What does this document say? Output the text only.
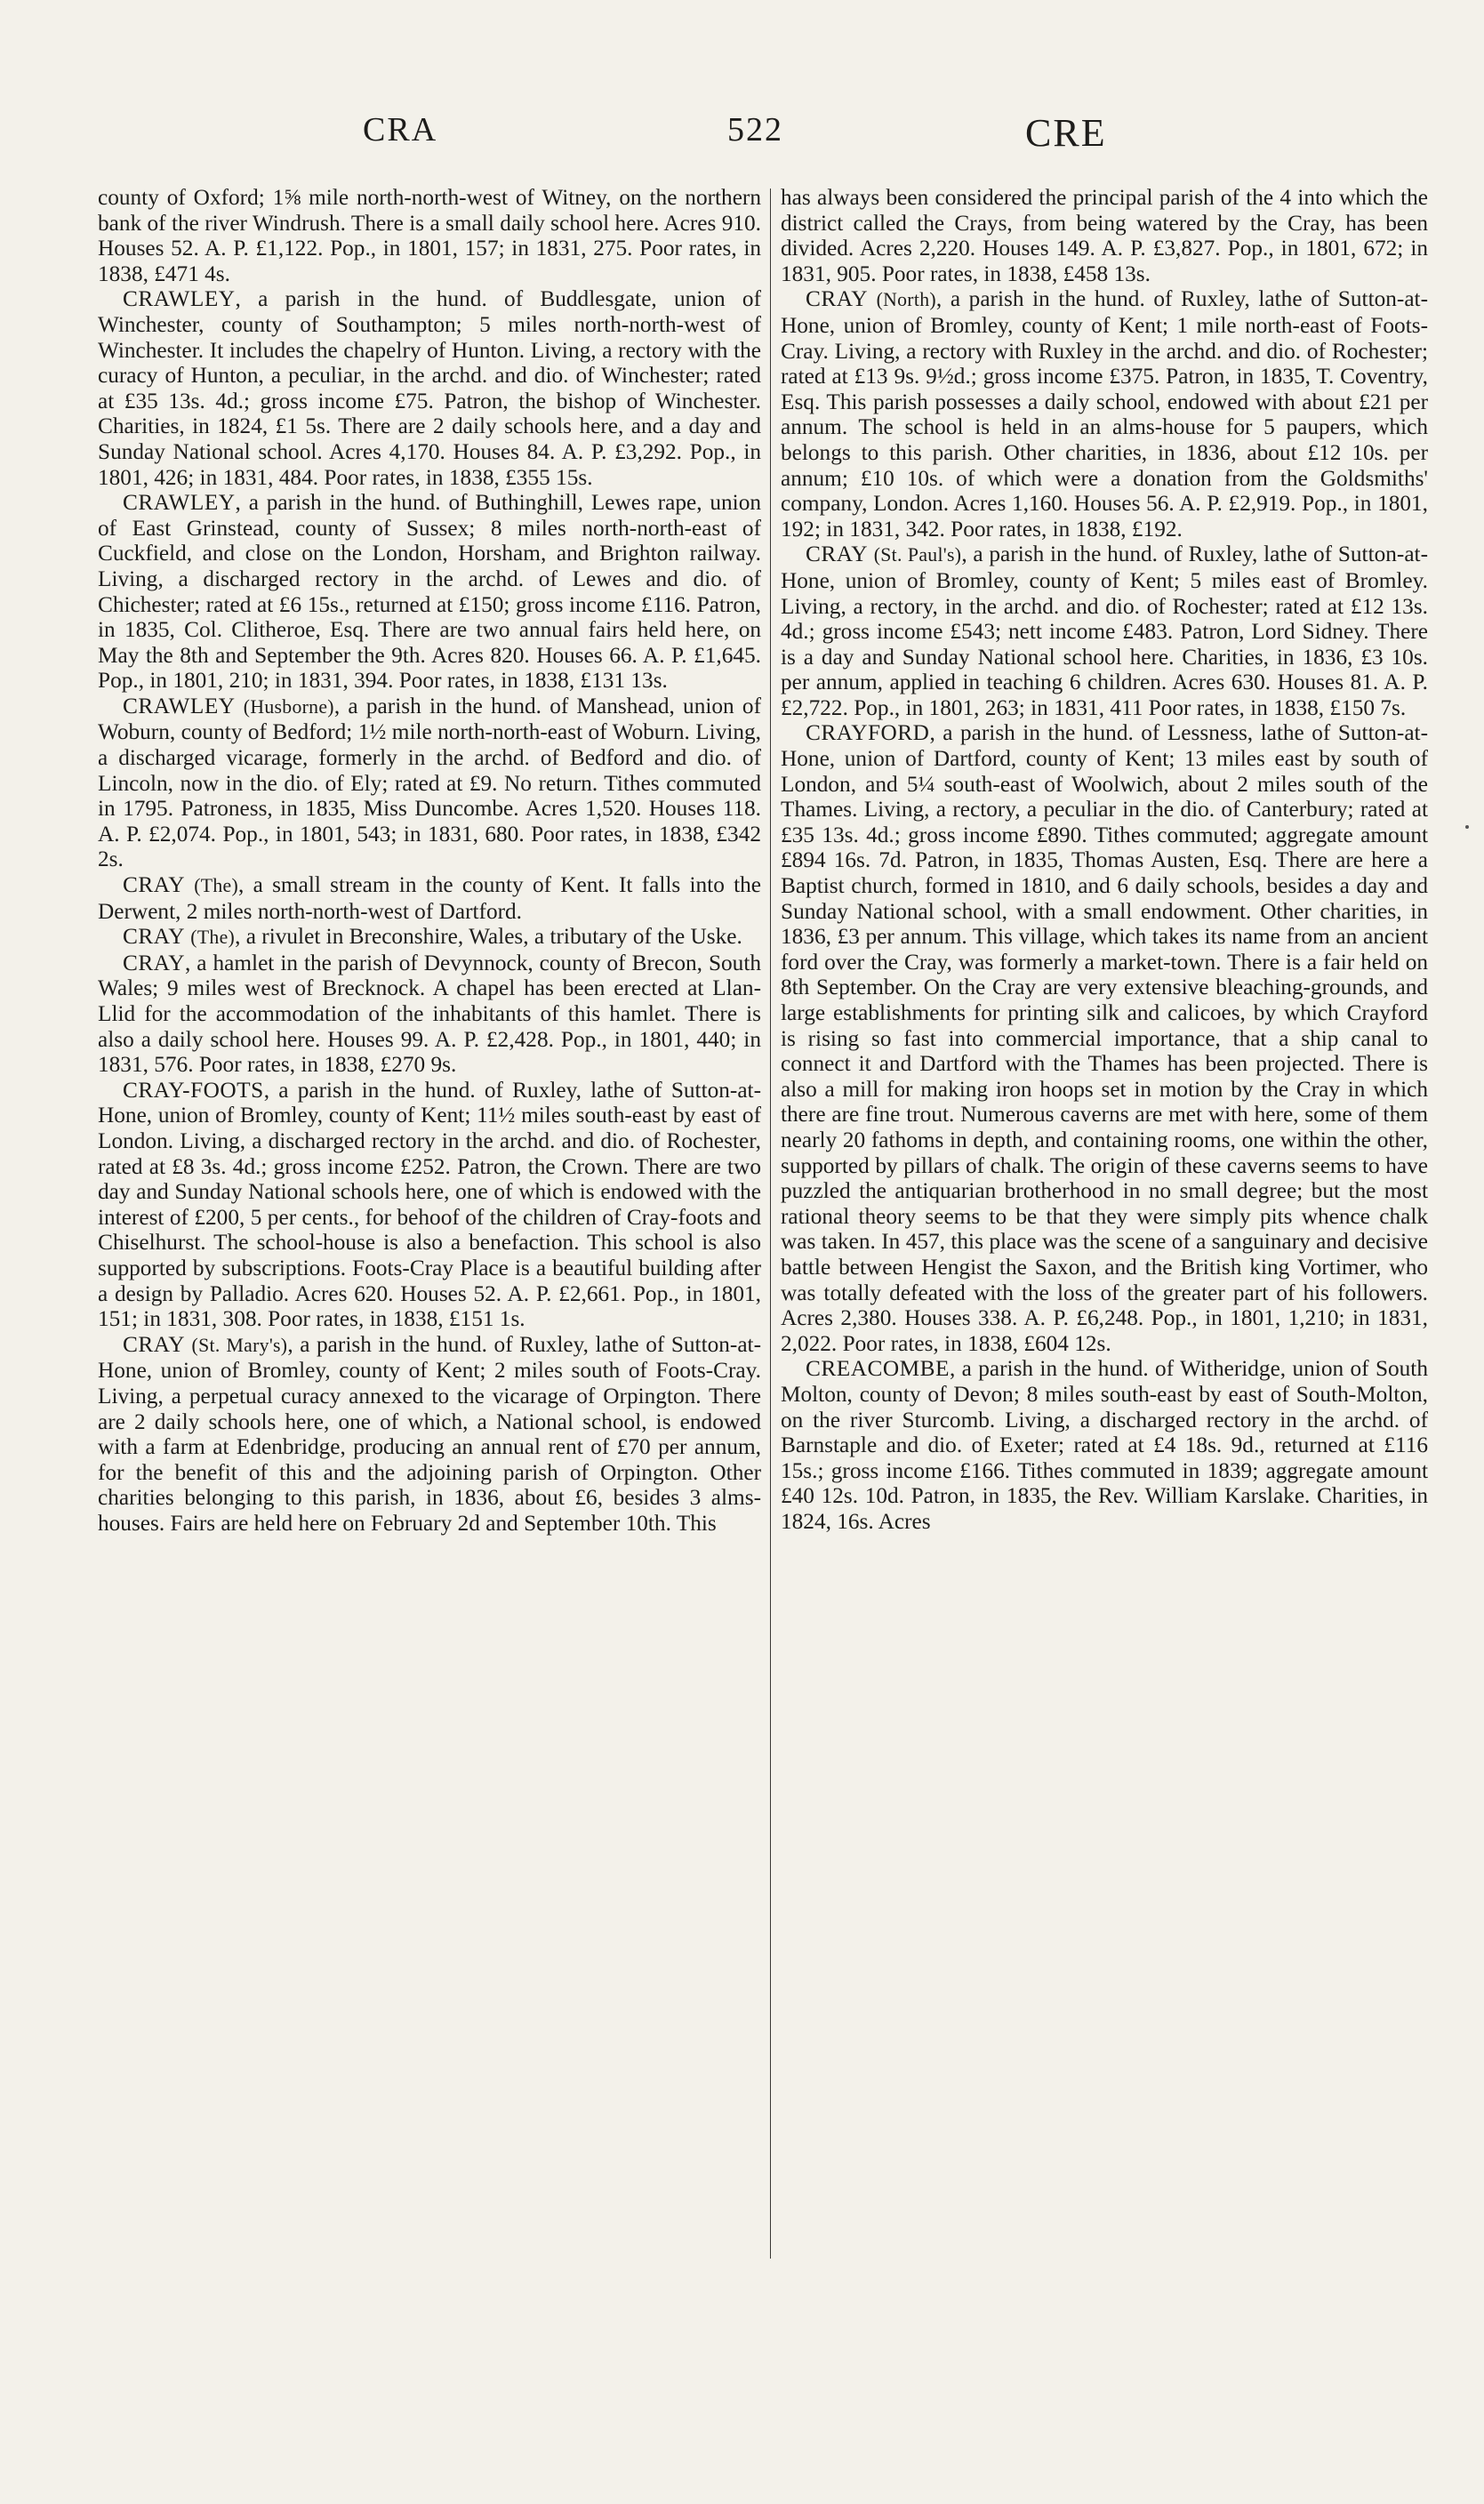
CRA	522	CRE

county of Oxford; 1⅝ mile north-north-west of Witney, on the northern bank of the river Windrush. There is a small daily school here. Acres 910. Houses 52. A. P. £1,122. Pop., in 1801, 157; in 1831, 275. Poor rates, in 1838, £471 4s.

CRAWLEY, a parish in the hund. of Buddlesgate, union of Winchester, county of Southampton; 5 miles north-north-west of Winchester. It includes the chapelry of Hunton. Living, a rectory with the curacy of Hunton, a peculiar, in the archd. and dio. of Winchester; rated at £35 13s. 4d.; gross income £75. Patron, the bishop of Winchester. Charities, in 1824, £1 5s. There are 2 daily schools here, and a day and Sunday National school. Acres 4,170. Houses 84. A. P. £3,292. Pop., in 1801, 426; in 1831, 484. Poor rates, in 1838, £355 15s.

CRAWLEY, a parish in the hund. of Buthinghill, Lewes rape, union of East Grinstead, county of Sussex; 8 miles north-north-east of Cuckfield, and close on the London, Horsham, and Brighton railway. Living, a discharged rectory in the archd. of Lewes and dio. of Chichester; rated at £6 15s., returned at £150; gross income £116. Patron, in 1835, Col. Clitheroe, Esq. There are two annual fairs held here, on May the 8th and September the 9th. Acres 820. Houses 66. A. P. £1,645. Pop., in 1801, 210; in 1831, 394. Poor rates, in 1838, £131 13s.

CRAWLEY (Husborne), a parish in the hund. of Manshead, union of Woburn, county of Bedford; 1½ mile north-north-east of Woburn. Living, a discharged vicarage, formerly in the archd. of Bedford and dio. of Lincoln, now in the dio. of Ely; rated at £9. No return. Tithes commuted in 1795. Patroness, in 1835, Miss Duncombe. Acres 1,520. Houses 118. A. P. £2,074. Pop., in 1801, 543; in 1831, 680. Poor rates, in 1838, £342 2s.

CRAY (The), a small stream in the county of Kent. It falls into the Derwent, 2 miles north-north-west of Dartford.

CRAY (The), a rivulet in Breconshire, Wales, a tributary of the Uske.

CRAY, a hamlet in the parish of Devynnock, county of Brecon, South Wales; 9 miles west of Brecknock. A chapel has been erected at Llan-Llid for the accommodation of the inhabitants of this hamlet. There is also a daily school here. Houses 99. A. P. £2,428. Pop., in 1801, 440; in 1831, 576. Poor rates, in 1838, £270 9s.

CRAY-FOOTS, a parish in the hund. of Ruxley, lathe of Sutton-at-Hone, union of Bromley, county of Kent; 11½ miles south-east by east of London. Living, a discharged rectory in the archd. and dio. of Rochester, rated at £8 3s. 4d.; gross income £252. Patron, the Crown. There are two day and Sunday National schools here, one of which is endowed with the interest of £200, 5 per cents., for behoof of the children of Cray-foots and Chiselhurst. The school-house is also a benefaction. This school is also supported by subscriptions. Foots-Cray Place is a beautiful building after a design by Palladio. Acres 620. Houses 52. A. P. £2,661. Pop., in 1801, 151; in 1831, 308. Poor rates, in 1838, £151 1s.

CRAY (St. Mary's), a parish in the hund. of Ruxley, lathe of Sutton-at-Hone, union of Bromley, county of Kent; 2 miles south of Foots-Cray. Living, a perpetual curacy annexed to the vicarage of Orpington. There are 2 daily schools here, one of which, a National school, is endowed with a farm at Edenbridge, producing an annual rent of £70 per annum, for the benefit of this and the adjoining parish of Orpington. Other charities belonging to this parish, in 1836, about £6, besides 3 alms-houses. Fairs are held here on February 2d and September 10th. This

has always been considered the principal parish of the 4 into which the district called the Crays, from being watered by the Cray, has been divided. Acres 2,220. Houses 149. A. P. £3,827. Pop., in 1801, 672; in 1831, 905. Poor rates, in 1838, £458 13s.

CRAY (North), a parish in the hund. of Ruxley, lathe of Sutton-at-Hone, union of Bromley, county of Kent; 1 mile north-east of Foots-Cray. Living, a rectory with Ruxley in the archd. and dio. of Rochester; rated at £13 9s. 9½d.; gross income £375. Patron, in 1835, T. Coventry, Esq. This parish possesses a daily school, endowed with about £21 per annum. The school is held in an alms-house for 5 paupers, which belongs to this parish. Other charities, in 1836, about £12 10s. per annum; £10 10s. of which were a donation from the Goldsmiths' company, London. Acres 1,160. Houses 56. A. P. £2,919. Pop., in 1801, 192; in 1831, 342. Poor rates, in 1838, £192.

CRAY (St. Paul's), a parish in the hund. of Ruxley, lathe of Sutton-at-Hone, union of Bromley, county of Kent; 5 miles east of Bromley. Living, a rectory, in the archd. and dio. of Rochester; rated at £12 13s. 4d.; gross income £543; nett income £483. Patron, Lord Sidney. There is a day and Sunday National school here. Charities, in 1836, £3 10s. per annum, applied in teaching 6 children. Acres 630. Houses 81. A. P. £2,722. Pop., in 1801, 263; in 1831, 411 Poor rates, in 1838, £150 7s.

CRAYFORD, a parish in the hund. of Lessness, lathe of Sutton-at-Hone, union of Dartford, county of Kent; 13 miles east by south of London, and 5¼ south-east of Woolwich, about 2 miles south of the Thames. Living, a rectory, a peculiar in the dio. of Canterbury; rated at £35 13s. 4d.; gross income £890. Tithes commuted; aggregate amount £894 16s. 7d. Patron, in 1835, Thomas Austen, Esq. There are here a Baptist church, formed in 1810, and 6 daily schools, besides a day and Sunday National school, with a small endowment. Other charities, in 1836, £3 per annum. This village, which takes its name from an ancient ford over the Cray, was formerly a market-town. There is a fair held on 8th September. On the Cray are very extensive bleaching-grounds, and large establishments for printing silk and calicoes, by which Crayford is rising so fast into commercial importance, that a ship canal to connect it and Dartford with the Thames has been projected. There is also a mill for making iron hoops set in motion by the Cray in which there are fine trout. Numerous caverns are met with here, some of them nearly 20 fathoms in depth, and containing rooms, one within the other, supported by pillars of chalk. The origin of these caverns seems to have puzzled the antiquarian brotherhood in no small degree; but the most rational theory seems to be that they were simply pits whence chalk was taken. In 457, this place was the scene of a sanguinary and decisive battle between Hengist the Saxon, and the British king Vortimer, who was totally defeated with the loss of the greater part of his followers. Acres 2,380. Houses 338. A. P. £6,248. Pop., in 1801, 1,210; in 1831, 2,022. Poor rates, in 1838, £604 12s.

CREACOMBE, a parish in the hund. of Witheridge, union of South Molton, county of Devon; 8 miles south-east by east of South-Molton, on the river Sturcomb. Living, a discharged rectory in the archd. of Barnstaple and dio. of Exeter; rated at £4 18s. 9d., returned at £116 15s.; gross income £166. Tithes commuted in 1839; aggregate amount £40 12s. 10d. Patron, in 1835, the Rev. William Karslake. Charities, in 1824, 16s. Acres
